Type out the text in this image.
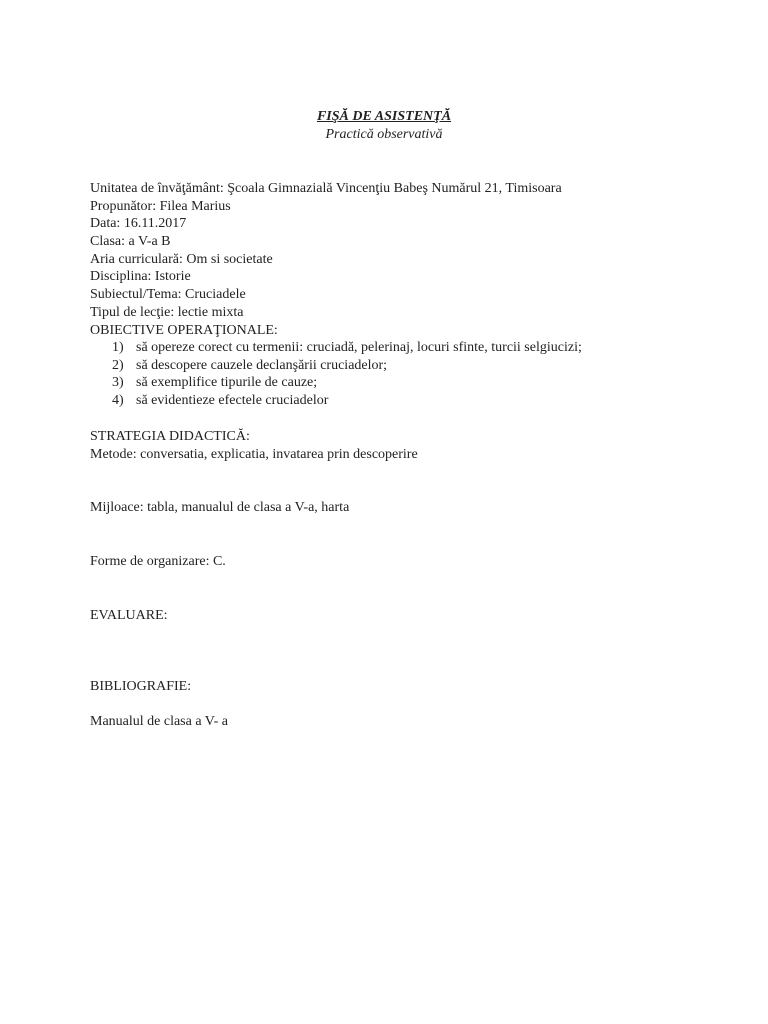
FIŞĂ DE ASISTENŢĂ
Practică observativă
Unitatea de învăţământ: Şcoala Gimnazială Vincenţiu Babeş Numărul 21, Timisoara
Propunător: Filea Marius
Data: 16.11.2017
Clasa: a V-a B
Aria curriculară: Om si societate
Disciplina: Istorie
Subiectul/Tema: Cruciadele
Tipul de lecţie: lectie mixta
OBIECTIVE OPERAŢIONALE:
1) să opereze corect cu termenii: cruciadă, pelerinaj, locuri sfinte, turcii selgiucizi;
2) să descopere cauzele declanşării cruciadelor;
3) să exemplifice tipurile de cauze;
4) să evidentieze efectele cruciadelor
STRATEGIA DIDACTICĂ:
Metode: conversatia, explicatia, invatarea prin descoperire
Mijloace: tabla, manualul de clasa a V-a, harta
Forme de organizare: C.
EVALUARE:
BIBLIOGRAFIE:
Manualul de clasa a V- a
